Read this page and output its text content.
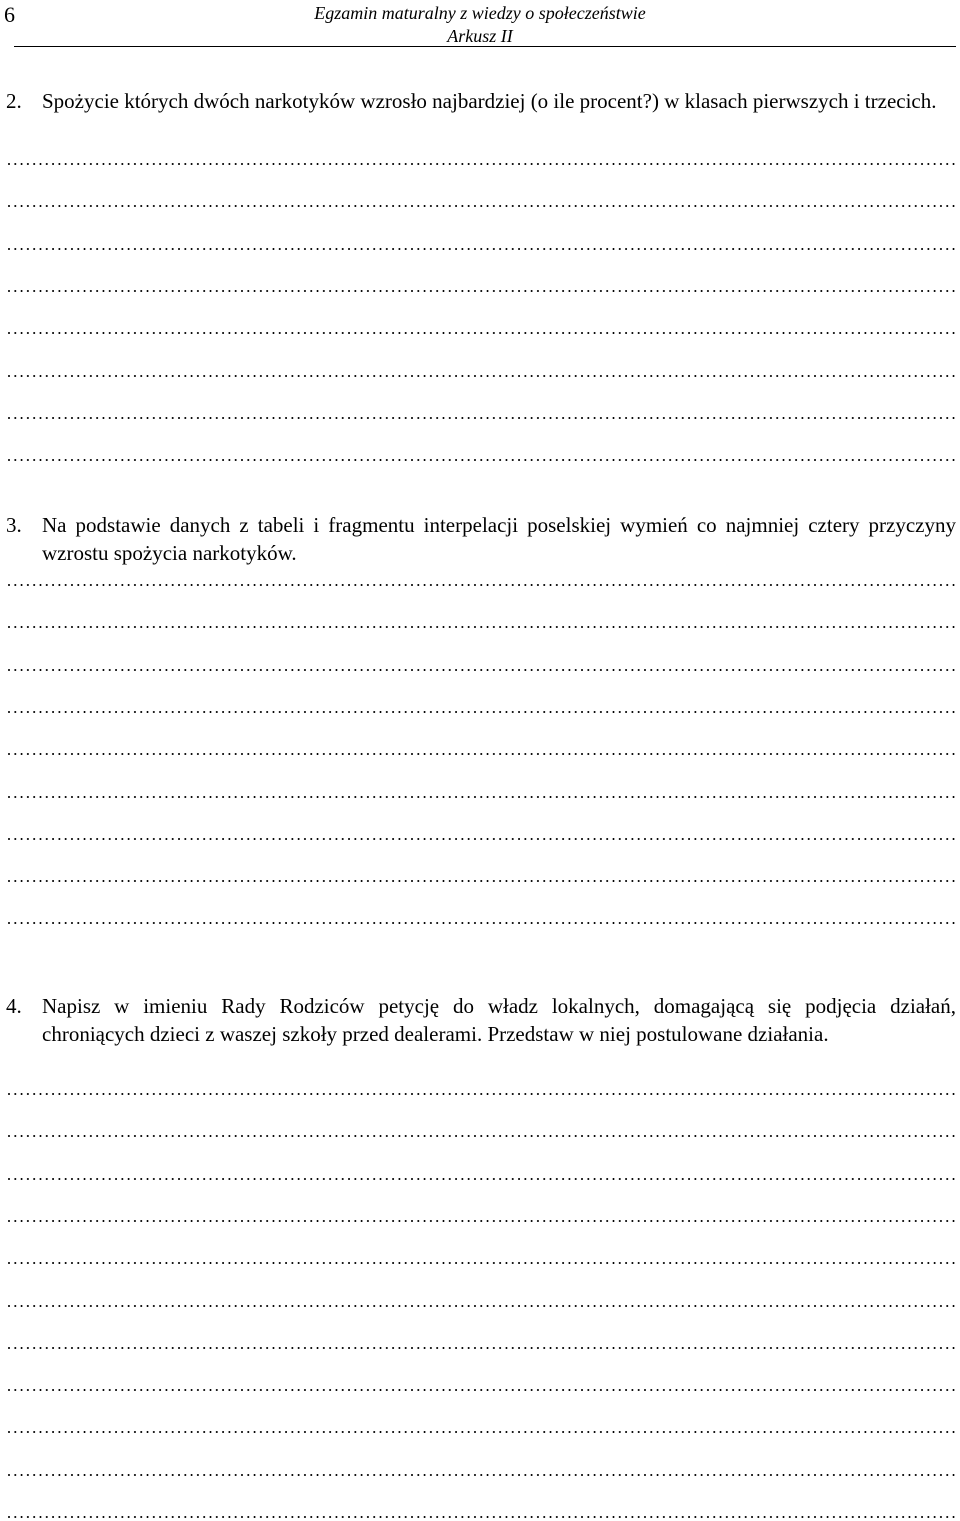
6	Egzamin maturalny z wiedzy o społeczeństwie
Arkusz II
2. Spożycie których dwóch narkotyków wzrosło najbardziej (o ile procent?) w klasach pierwszych i trzecich.
3. Na podstawie danych z tabeli i fragmentu interpelacji poselskiej wymień co najmniej cztery przyczyny wzrostu spożycia narkotyków.
4. Napisz w imieniu Rady Rodziców petycję do władz lokalnych, domagającą się podjęcia działań, chroniących dzieci z waszej szkoły przed dealerami. Przedstaw w niej postulowane działania.
